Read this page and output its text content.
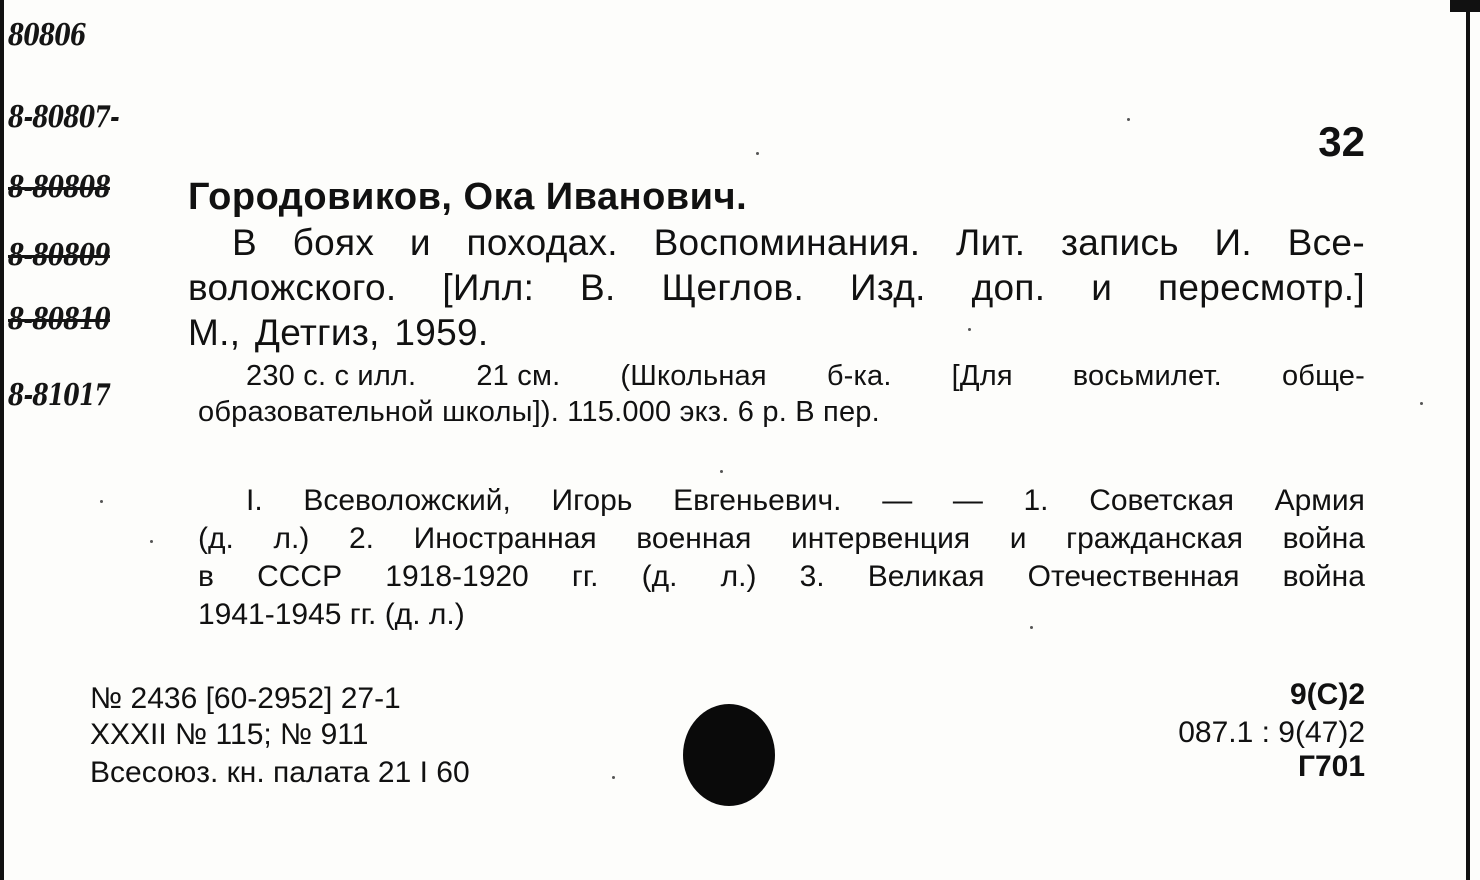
80806
8-80807-
8-80808
8-80809
8-80810
8-81017
32
Городовиков, Ока Иванович.
В боях и походах. Воспоминания. Лит. запись И. Все-
воложского. [Илл: В. Щеглов. Изд. доп. и пересмотр.]
М., Детгиз, 1959.
230 с. с илл. 21 см. (Школьная б-ка. [Для восьмилет. обще-
образовательной школы]). 115.000 экз. 6 р. В пер.
I. Всеволожский, Игорь Евгеньевич. — — 1. Советская Армия
(д. л.) 2. Иностранная военная интервенция и гражданская война
в СССР 1918-1920 гг. (д. л.) 3. Великая Отечественная война
1941-1945 гг. (д. л.)
№ 2436 [60-2952] 27-1
XXXII № 115; № 911
Всесоюз. кн. палата 21 I 60
9(С)2
087.1 : 9(47)2
Г701
